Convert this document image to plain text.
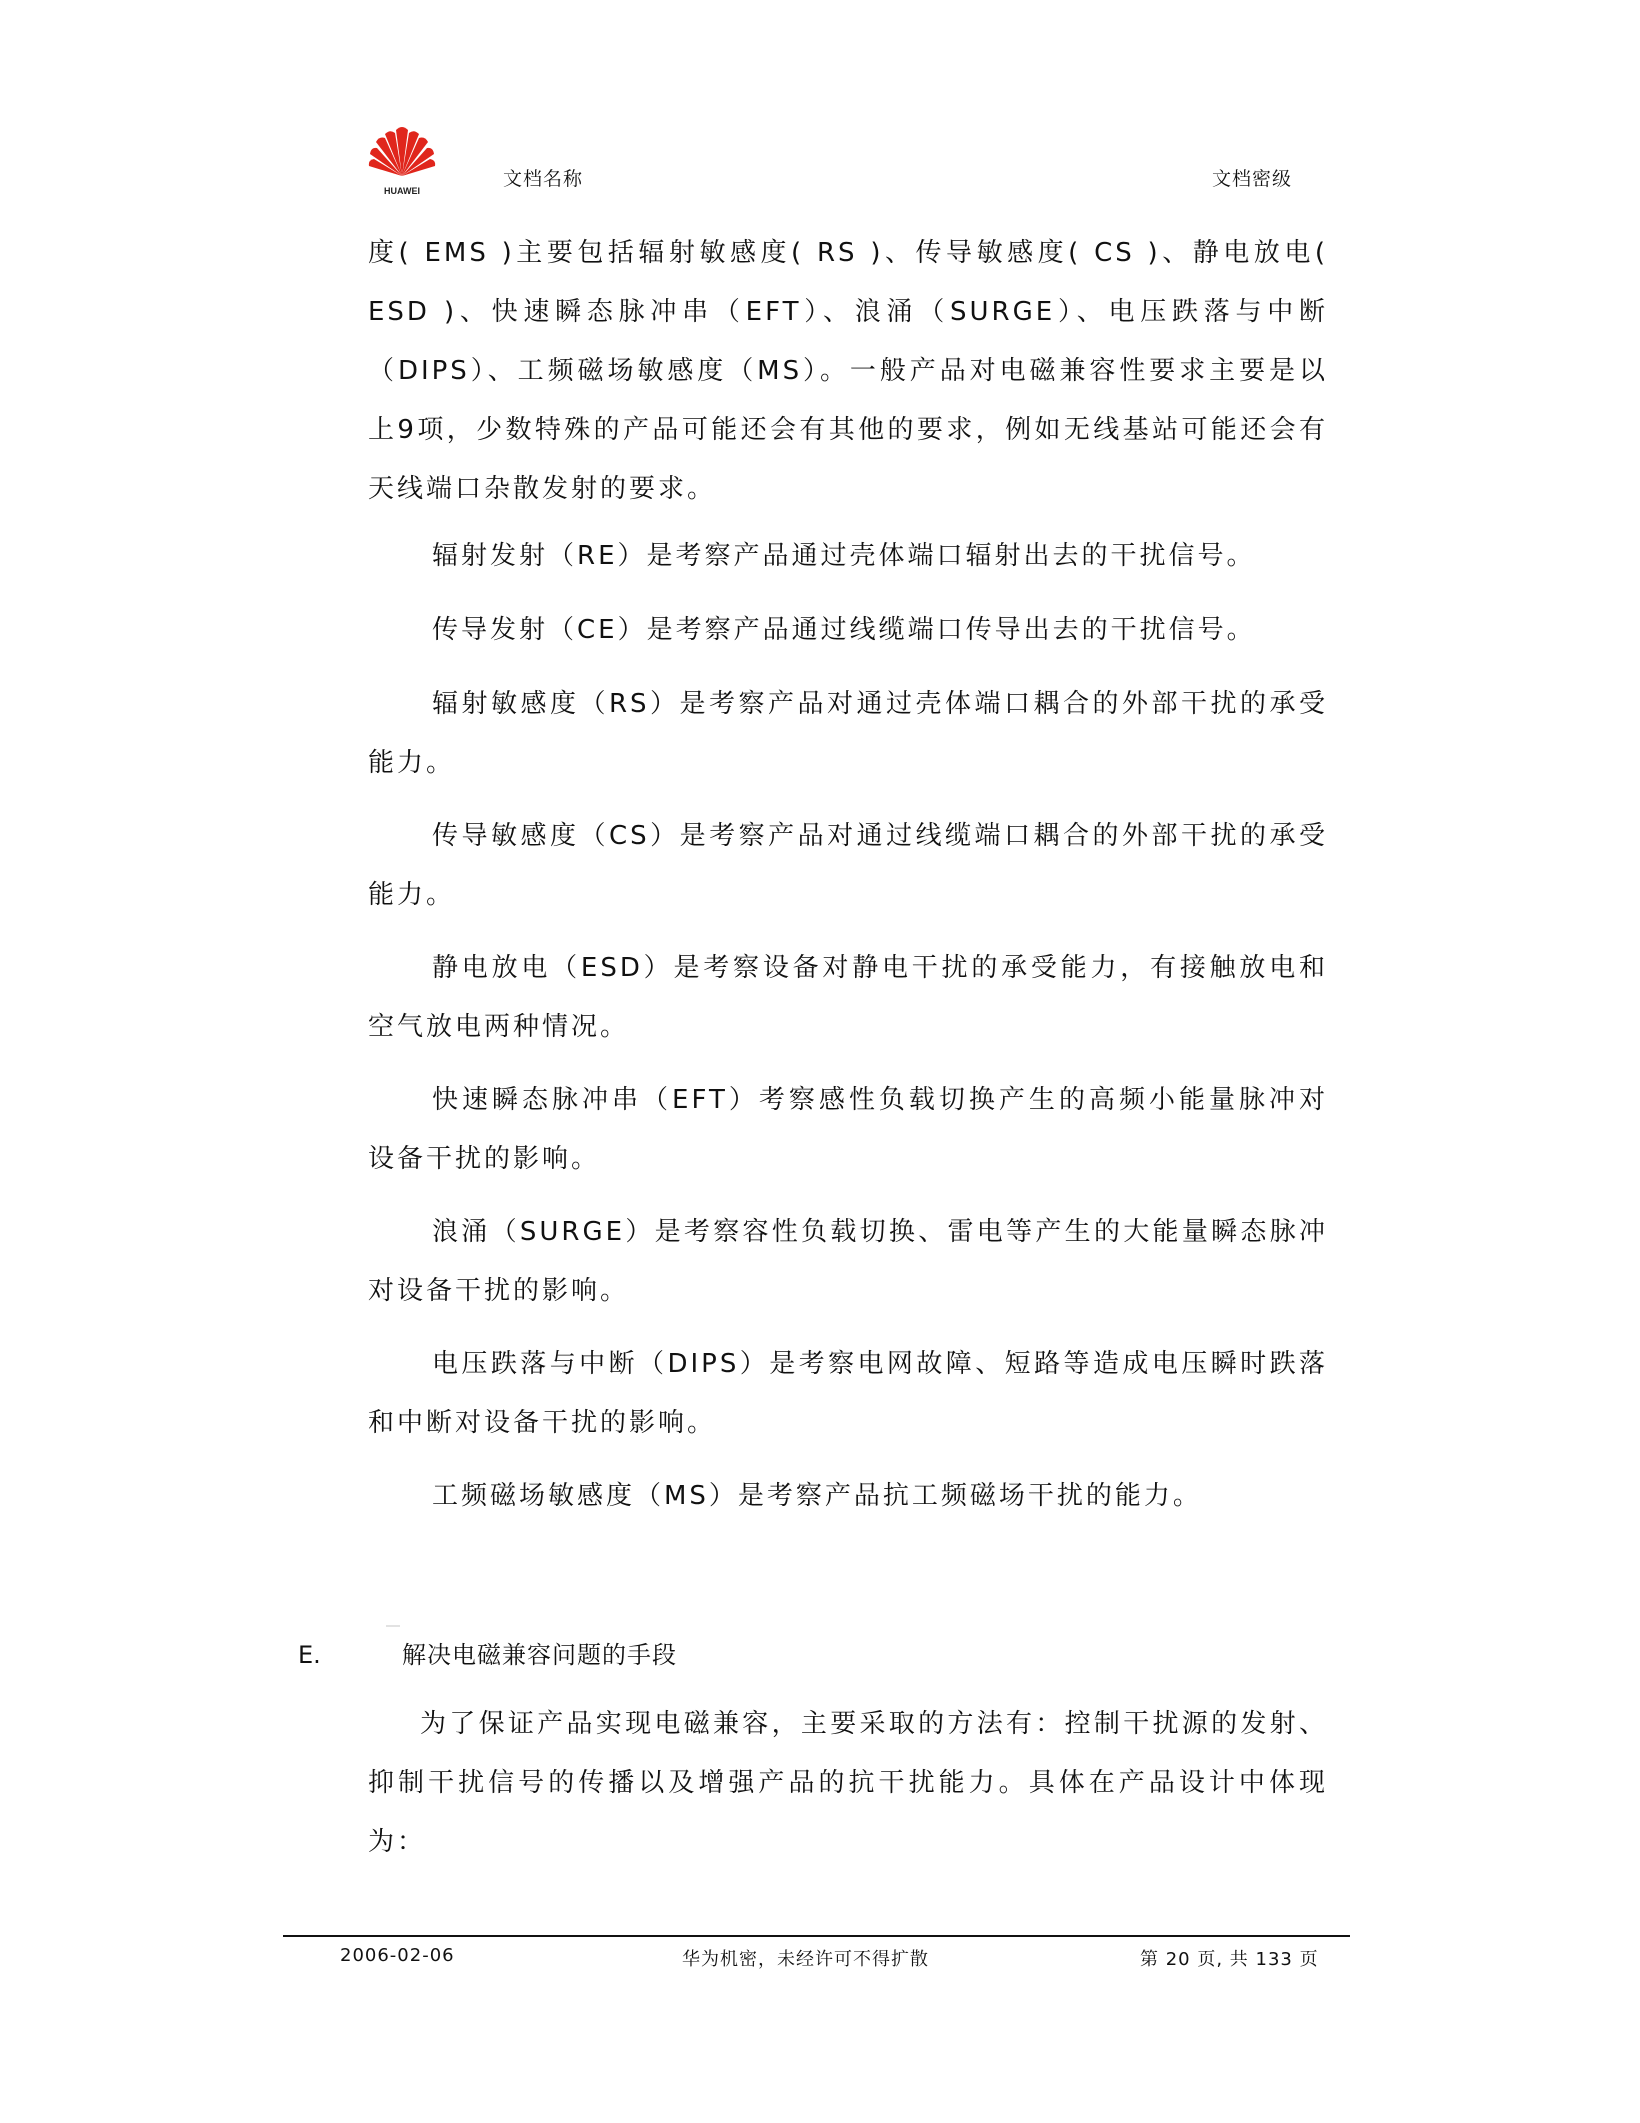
HUAWEI
文档名称	文档密级

度( EMS )主要包括辐射敏感度( RS )、传导敏感度( CS )、静电放电( ESD )、快速瞬态脉冲串（EFT）、浪涌（SURGE）、电压跌落与中断（DIPS）、工频磁场敏感度（MS）。一般产品对电磁兼容性要求主要是以上9项，少数特殊的产品可能还会有其他的要求，例如无线基站可能还会有天线端口杂散发射的要求。

辐射发射（RE）是考察产品通过壳体端口辐射出去的干扰信号。

传导发射（CE）是考察产品通过线缆端口传导出去的干扰信号。

辐射敏感度（RS）是考察产品对通过壳体端口耦合的外部干扰的承受能力。

传导敏感度（CS）是考察产品对通过线缆端口耦合的外部干扰的承受能力。

静电放电（ESD）是考察设备对静电干扰的承受能力，有接触放电和空气放电两种情况。

快速瞬态脉冲串（EFT）考察感性负载切换产生的高频小能量脉冲对设备干扰的影响。

浪涌（SURGE）是考察容性负载切换、雷电等产生的大能量瞬态脉冲对设备干扰的影响。

电压跌落与中断（DIPS）是考察电网故障、短路等造成电压瞬时跌落和中断对设备干扰的影响。

工频磁场敏感度（MS）是考察产品抗工频磁场干扰的能力。

E.	解决电磁兼容问题的手段

为了保证产品实现电磁兼容，主要采取的方法有：控制干扰源的发射、抑制干扰信号的传播以及增强产品的抗干扰能力。具体在产品设计中体现为：

2006-02-06	华为机密，未经许可不得扩散	第 20 页, 共 133 页
